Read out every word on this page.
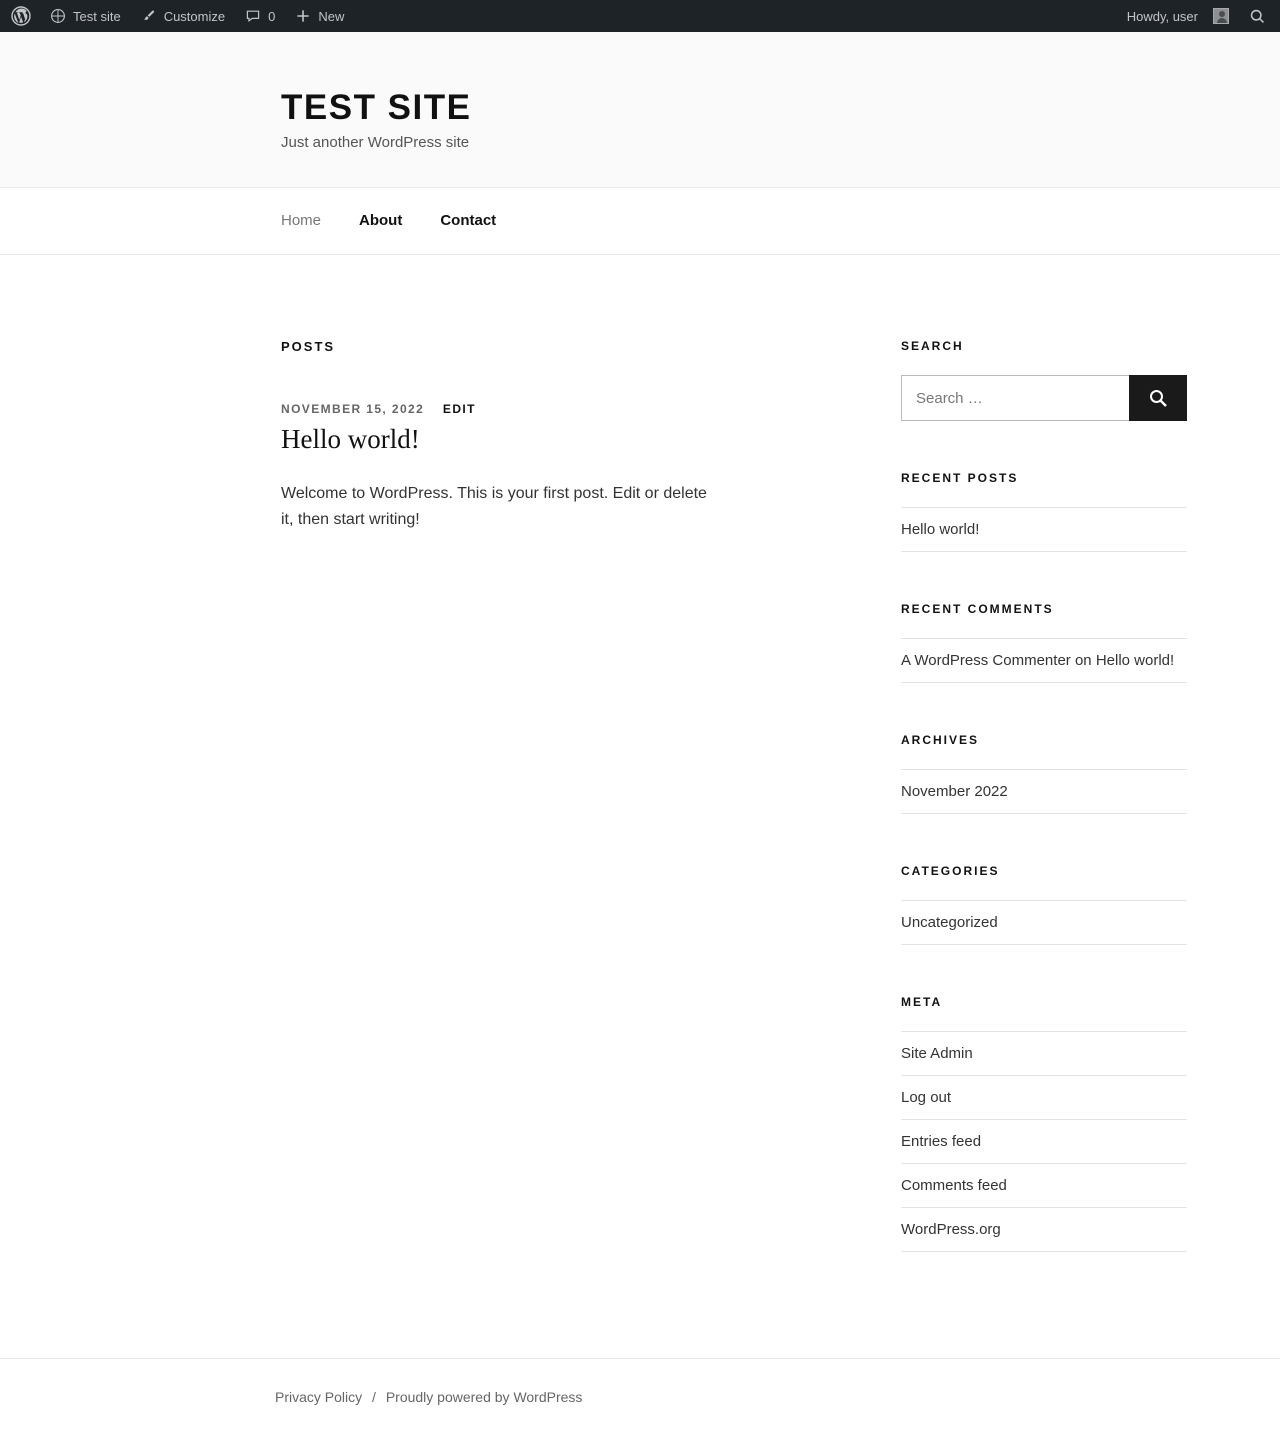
Test site	Customize	0	New	Howdy, user
TEST SITE

Just another WordPress site

Home	About	Contact
POSTS
NOVEMBER 15, 2022 EDIT
Hello world!

Welcome to WordPress. This is your first post. Edit or delete it, then start writing!

SEARCH
Search …
RECENT POSTS
Hello world!
RECENT COMMENTS
A WordPress Commenter on Hello world!
ARCHIVES
November 2022
CATEGORIES
Uncategorized
META
Site Admin
Log out
Entries feed
Comments feed
WordPress.org
Privacy Policy / Proudly powered by WordPress
